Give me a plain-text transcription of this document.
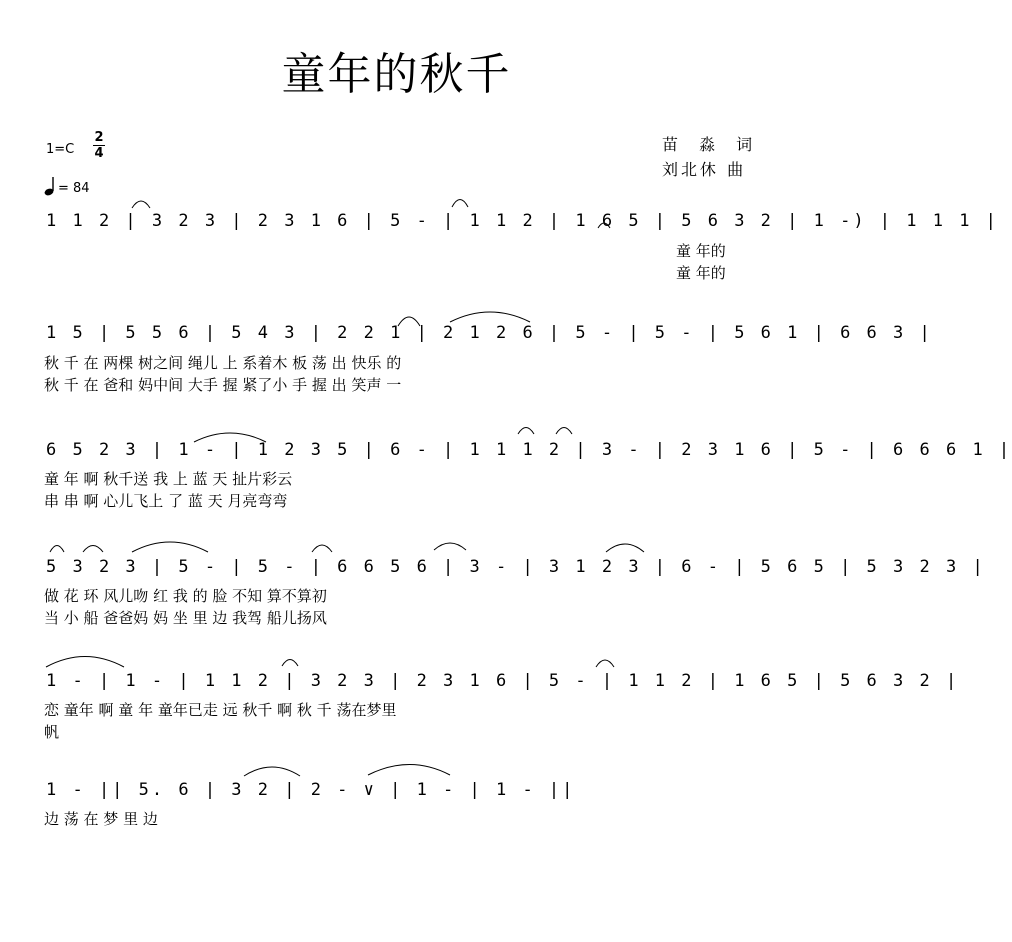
童年的秋千
1=C
2
4
= 84
苗 淼 词
刘北休 曲
1 1 2 | 3 2 3 | 2 3 1 6 | 5 - | 1 1 2 | 1 6 5 | 5 6 3 2 | 1 -) | 1 1 1 |
1 5 | 5 5 6 | 5 4 3 | 2 2 1 | 2 1 2 6 | 5 - | 5 - | 5 6 1 | 6 6 3 |
6 5 2 3 | 1 - | 1 2 3 5 | 6 - | 1 1 1 2 | 3 - | 2 3 1 6 | 5 - | 6 6 6 1 |
5 3 2 3 | 5 - | 5 - | 6 6 5 6 | 3 - | 3 1 2 3 | 6 - | 5 6 5 | 5 3 2 3 |
1 - | 1 - | 1 1 2 | 3 2 3 | 2 3 1 6 | 5 - | 1 1 2 | 1 6 5 | 5 6 3 2 |
1 - || 5. 6 | 3 2 | 2 - ∨ | 1 - | 1 - ||
童 年的
童 年的
秋 千 在 两棵 树之间 绳儿 上 系着木 板 荡 出 快乐 的
秋 千 在 爸和 妈中间 大手 握 紧了小 手 握 出 笑声 一
童 年 啊 秋千送 我 上 蓝 天 扯片彩云
串 串 啊 心儿飞上 了 蓝 天 月亮弯弯
做 花 环 风儿吻 红 我 的 脸 不知 算不算初
当 小 船 爸爸妈 妈 坐 里 边 我驾 船儿扬风
恋 童年 啊 童 年 童年已走 远 秋千 啊 秋 千 荡在梦里
帆
边 荡 在 梦 里 边
